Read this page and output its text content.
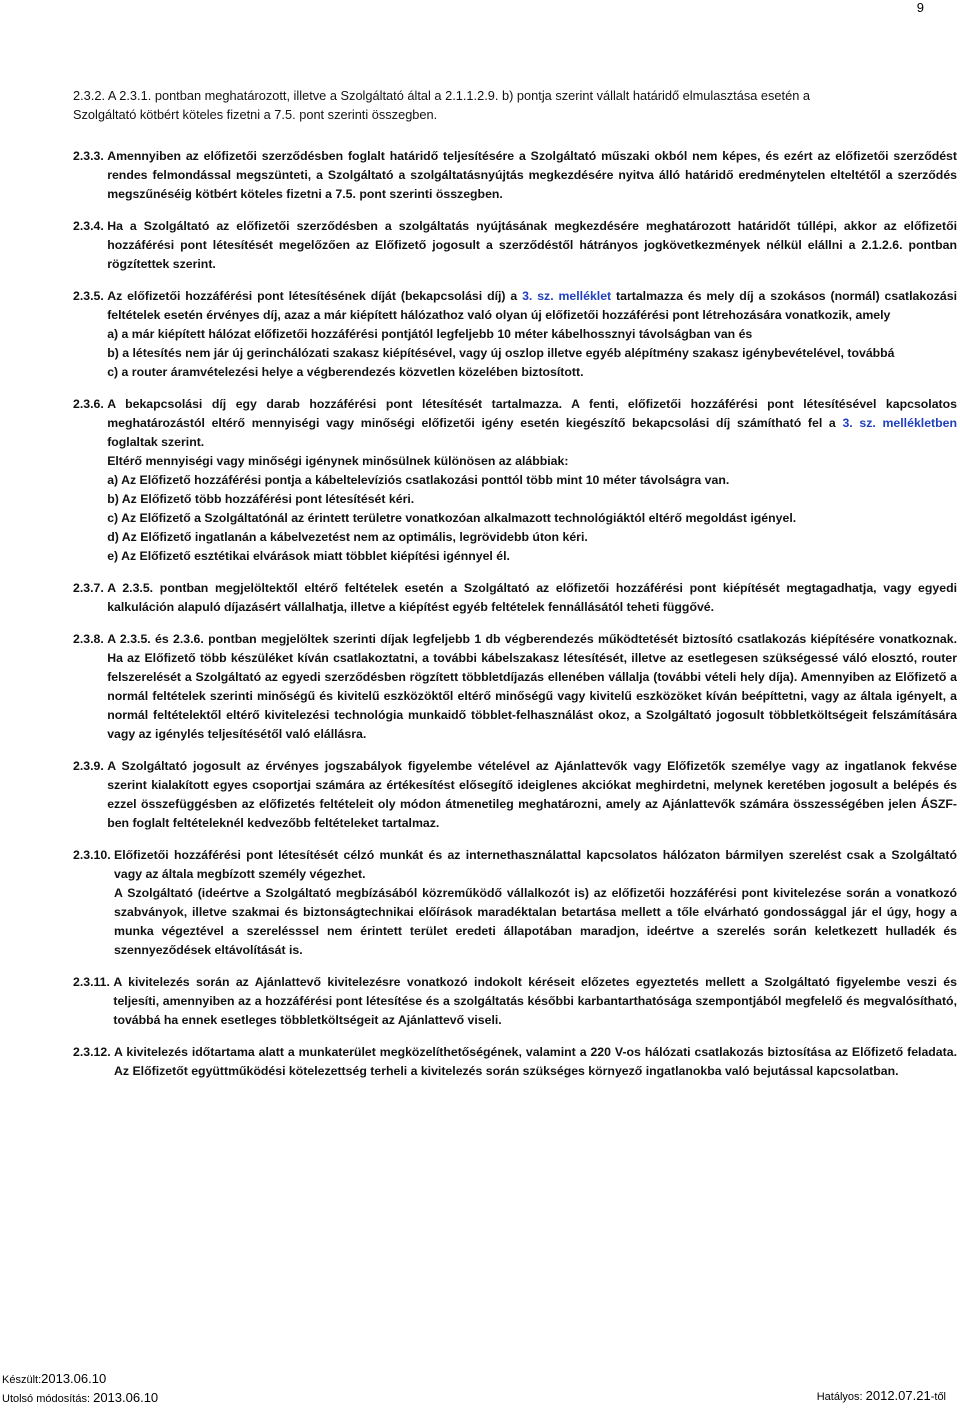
9
2.3.2. A 2.3.1. pontban meghatározott, illetve a Szolgáltató által a 2.1.1.2.9. b) pontja szerint vállalt határidő elmulasztása esetén a
Szolgáltató kötbért köteles fizetni a 7.5. pont szerinti összegben.
2.3.3. Amennyiben az előfizetői szerződésben foglalt határidő teljesítésére a Szolgáltató műszaki okból nem képes, és ezért az előfizetői szerződést rendes felmondással megszünteti, a Szolgáltató a szolgáltatásnyújtás megkezdésére nyitva álló határidő eredménytelen elteltétől a szerződés megszűnéséig kötbért köteles fizetni a 7.5. pont szerinti összegben.
2.3.4. Ha a Szolgáltató az előfizetői szerződésben a szolgáltatás nyújtásának megkezdésére meghatározott határidőt túllépi, akkor az előfizetői hozzáférési pont létesítését megelőzően az Előfizető jogosult a szerződéstől hátrányos jogkövetkezmények nélkül elállni a 2.1.2.6. pontban rögzítettek szerint.
2.3.5. Az előfizetői hozzáférési pont létesítésének díját (bekapcsolási díj) a 3. sz. melléklet tartalmazza és mely díj a szokásos (normál) csatlakozási feltételek esetén érvényes díj, azaz a már kiépített hálózathoz való olyan új előfizetői hozzáférési pont létrehozására vonatkozik, amely
a) a már kiépített hálózat előfizetői hozzáférési pontjától legfeljebb 10 méter kábelhossznyi távolságban van és
b) a létesítés nem jár új gerinchálózati szakasz kiépítésével, vagy új oszlop illetve egyéb alépítmény szakasz igénybevételével, továbbá
c) a router áramvételezési helye a végberendezés közvetlen közelében biztosított.
2.3.6. A bekapcsolási díj egy darab hozzáférési pont létesítését tartalmazza. A fenti, előfizetői hozzáférési pont létesítésével kapcsolatos meghatározástól eltérő mennyiségi vagy minőségi előfizetői igény esetén kiegészítő bekapcsolási díj számítható fel a 3. sz. mellékletben foglaltak szerint.
Eltérő mennyiségi vagy minőségi igénynek minősülnek különösen az alábbiak:
a) Az Előfizető hozzáférési pontja a kábeltelevíziós csatlakozási ponttól több mint 10 méter távolságra van.
b) Az Előfizető több hozzáférési pont létesítését kéri.
c) Az Előfizető a Szolgáltatónál az érintett területre vonatkozóan alkalmazott technológiáktól eltérő megoldást igényel.
d) Az Előfizető ingatlanán a kábelvezetést nem az optimális, legrövidebb úton kéri.
e) Az Előfizető esztétikai elvárások miatt többlet kiépítési igénnyel él.
2.3.7. A 2.3.5. pontban megjelöltektől eltérő feltételek esetén a Szolgáltató az előfizetői hozzáférési pont kiépítését megtagadhatja, vagy egyedi kalkuláción alapuló díjazásért vállalhatja, illetve a kiépítést egyéb feltételek fennállásától teheti függővé.
2.3.8. A 2.3.5. és 2.3.6. pontban megjelöltek szerinti díjak legfeljebb 1 db végberendezés működtetését biztosító csatlakozás kiépítésére vonatkoznak. Ha az Előfizető több készüléket kíván csatlakoztatni, a további kábelszakasz létesítését, illetve az esetlegesen szükségessé váló elosztó, router felszerelését a Szolgáltató az egyedi szerződésben rögzített többletdíjazás ellenében vállalja (további vételi hely díja). Amennyiben az Előfizető a normál feltételek szerinti minőségű és kivitelű eszközöktől eltérő minőségű vagy kivitelű eszközöket kíván beépíttetni, vagy az általa igényelt, a normál feltételektől eltérő kivitelezési technológia munkaidő többlet-felhasználást okoz, a Szolgáltató jogosult többletköltségeit felszámítására vagy az igénylés teljesítésétől való elállásra.
2.3.9. A Szolgáltató jogosult az érvényes jogszabályok figyelembe vételével az Ajánlattevők vagy Előfizetők személye vagy az ingatlanok fekvése szerint kialakított egyes csoportjai számára az értékesítést elősegítő ideiglenes akciókat meghirdetni, melynek keretében jogosult a belépés és ezzel összefüggésben az előfizetés feltételeit oly módon átmenetileg meghatározni, amely az Ajánlattevők számára összességében jelen ÁSZF-ben foglalt feltételeknél kedvezőbb feltételeket tartalmaz.
2.3.10. Előfizetői hozzáférési pont létesítését célzó munkát és az internethasználattal kapcsolatos hálózaton bármilyen szerelést csak a Szolgáltató vagy az általa megbízott személy végezhet.
A Szolgáltató (ideértve a Szolgáltató megbízásából közreműködő vállalkozót is) az előfizetői hozzáférési pont kivitelezése során a vonatkozó szabványok, illetve szakmai és biztonságtechnikai előírások maradéktalan betartása mellett a tőle elvárható gondossággal jár el úgy, hogy a munka végeztével a szerelésssel nem érintett terület eredeti állapotában maradjon, ideértve a szerelés során keletkezett hulladék és szennyeződések eltávolítását is.
2.3.11. A kivitelezés során az Ajánlattevő kivitelezésre vonatkozó indokolt kéréseit előzetes egyeztetés mellett a Szolgáltató figyelembe veszi és teljesíti, amennyiben az a hozzáférési pont létesítése és a szolgáltatás későbbi karbantarthatósága szempontjából megfelelő és megvalósítható, továbbá ha ennek esetleges többletköltségeit az Ajánlattevő viseli.
2.3.12. A kivitelezés időtartama alatt a munkaterület megközelíthetőségének, valamint a 220 V-os hálózati csatlakozás biztosítása az Előfizető feladata. Az Előfizetőt együttműködési kötelezettség terheli a kivitelezés során szükséges környező ingatlanokba való bejutással kapcsolatban.
Készült:2013.06.10
Utolsó módosítás: 2013.06.10	Hatályos: 2012.07.21-től
